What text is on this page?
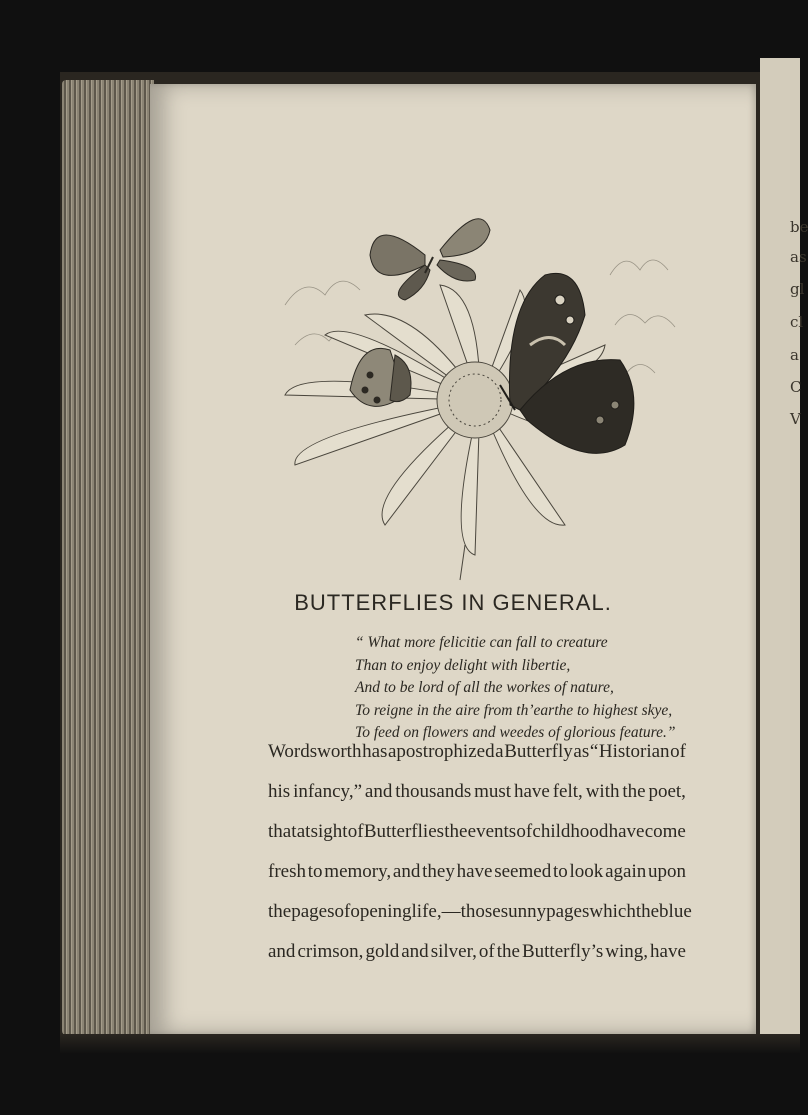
be
as
gl
cl
a
C
V
BUTTERFLIES IN GENERAL.
“ What more felicitie can fall to creature
Than to enjoy delight with libertie,
And to be lord of all the workes of nature,
To reigne in the aire from th’earthe to highest skye,
To feed on flowers and weedes of glorious feature.”
Wordsworth has apostrophized a Butterfly as “ Historian of
his infancy,” and thousands must have felt, with the poet,
that at sight of Butterflies the events of childhood have come
fresh to memory, and they have seemed to look again upon
the pages of opening life,—those sunny pages which the blue
and crimson, gold and silver, of the Butterfly’s wing, have
